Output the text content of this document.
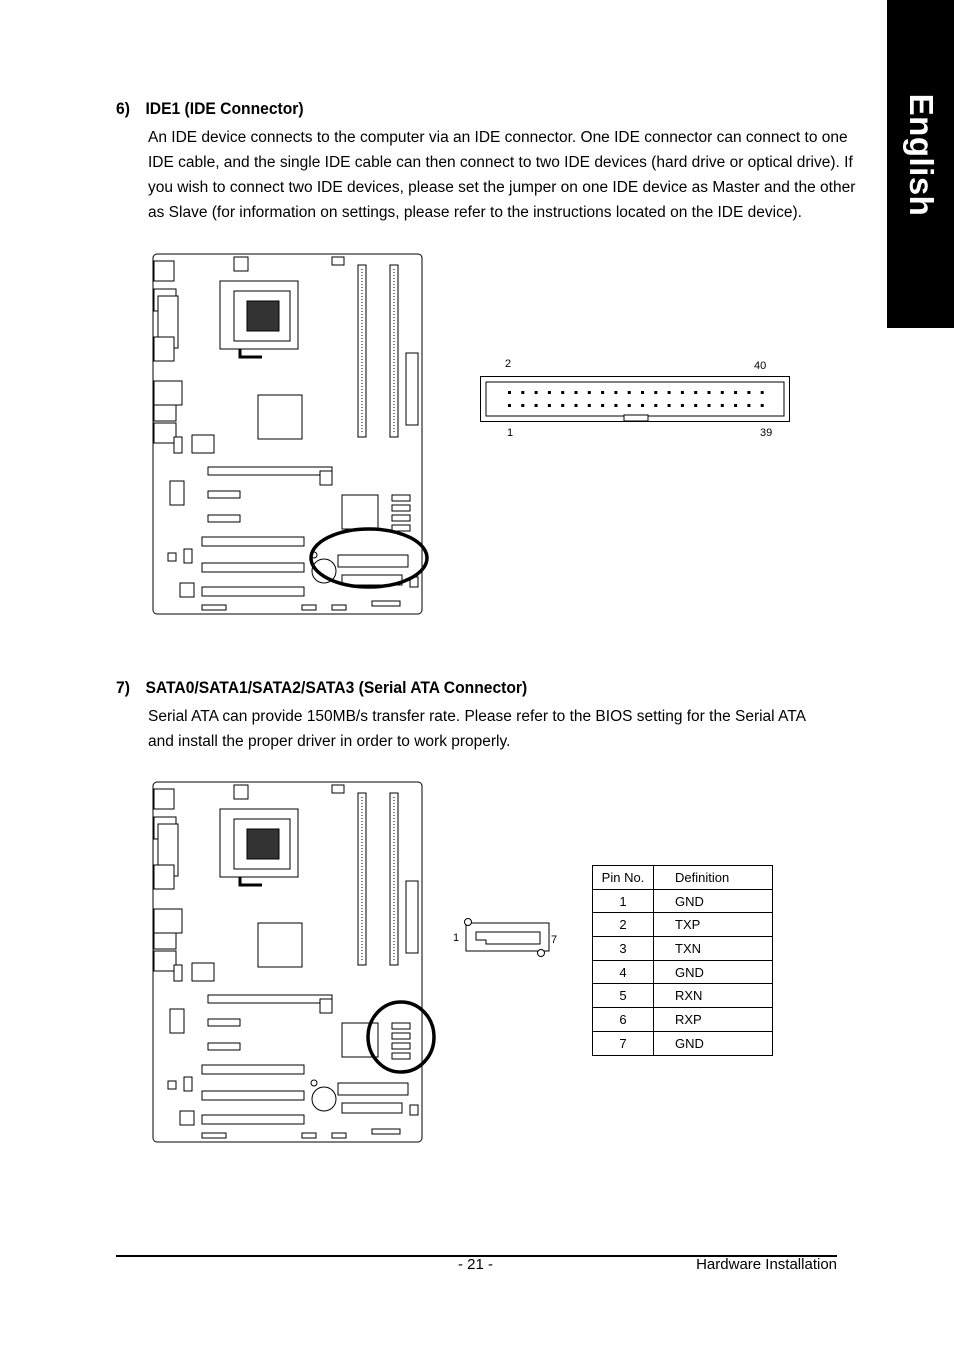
English
6) IDE1 (IDE Connector)
An IDE device connects to the computer via an IDE connector. One IDE connector can connect to one
IDE cable, and the single IDE cable can then connect to two IDE devices (hard drive or optical drive). If
you wish to connect two IDE devices, please set the jumper on one IDE device as Master and the other
as Slave (for information on settings, please refer to the instructions located on the IDE device).
2	40
1	39
7) SATA0/SATA1/SATA2/SATA3 (Serial ATA Connector)
Serial ATA can provide 150MB/s transfer rate. Please refer to the BIOS setting for the Serial ATA
and install the proper driver in order to work properly.
1	7
Pin No.	Definition
1	GND
2	TXP
3	TXN
4	GND
5	RXN
6	RXP
7	GND
- 21 -	Hardware Installation
